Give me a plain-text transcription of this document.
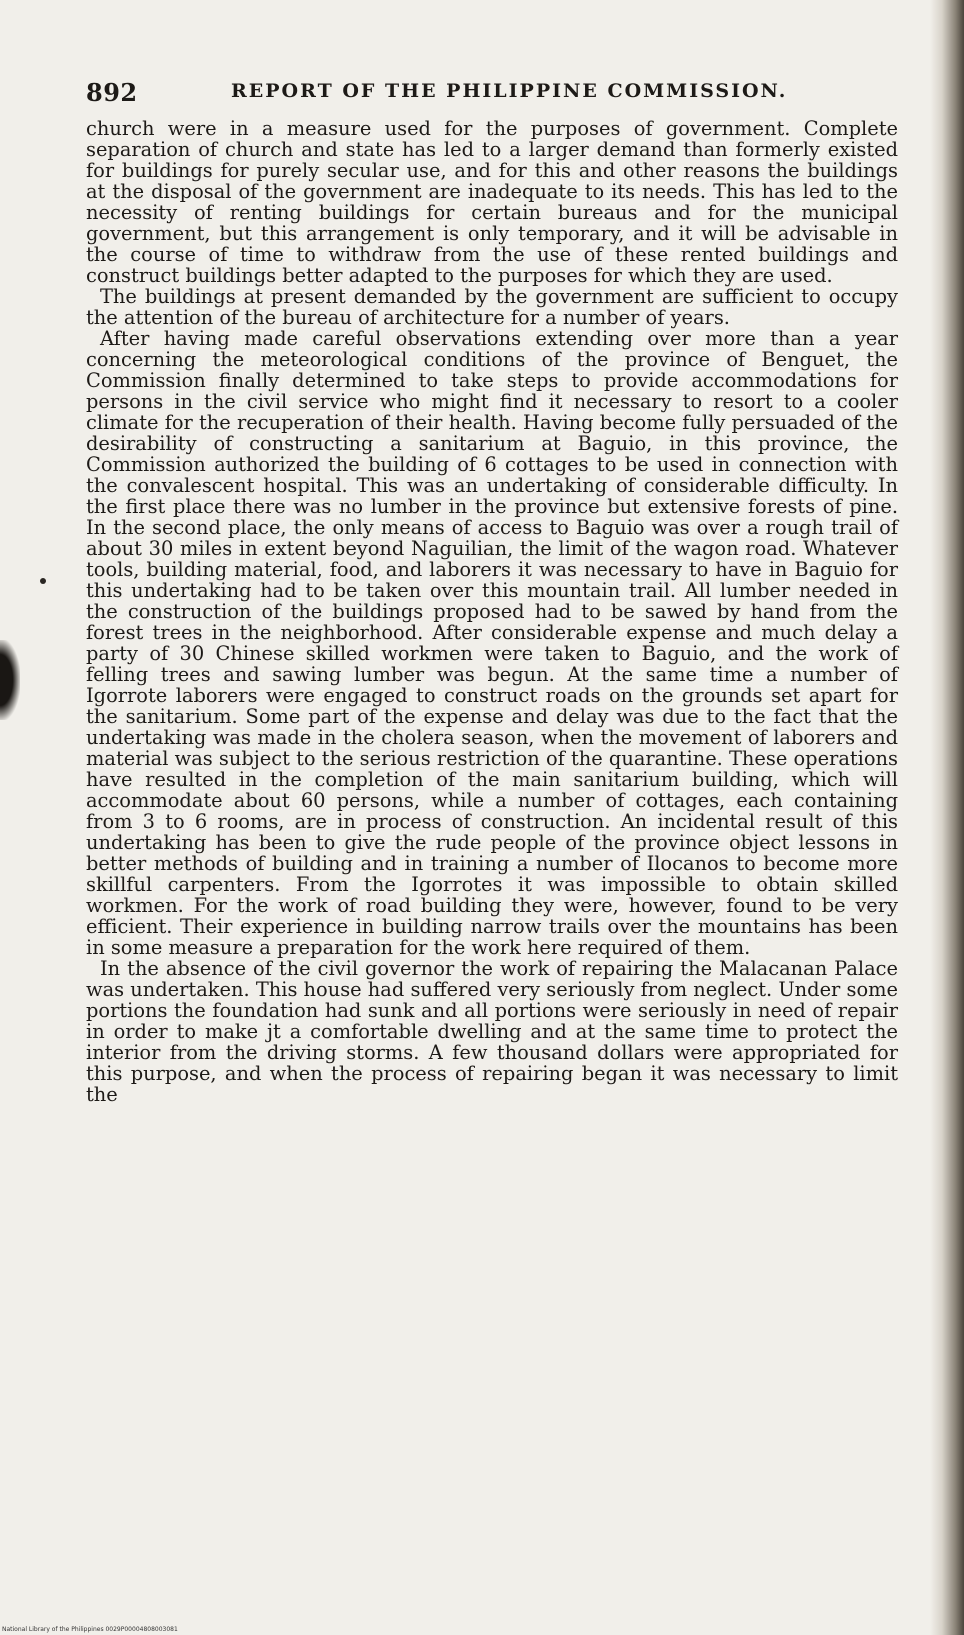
892	REPORT OF THE PHILIPPINE COMMISSION.

church were in a measure used for the purposes of government. Complete separation of church and state has led to a larger demand than formerly existed for buildings for purely secular use, and for this and other reasons the buildings at the disposal of the government are inadequate to its needs. This has led to the necessity of renting buildings for certain bureaus and for the municipal government, but this arrangement is only temporary, and it will be advisable in the course of time to withdraw from the use of these rented buildings and construct buildings better adapted to the purposes for which they are used.

The buildings at present demanded by the government are sufficient to occupy the attention of the bureau of architecture for a number of years.

After having made careful observations extending over more than a year concerning the meteorological conditions of the province of Benguet, the Commission finally determined to take steps to provide accommodations for persons in the civil service who might find it necessary to resort to a cooler climate for the recuperation of their health. Having become fully persuaded of the desirability of constructing a sanitarium at Baguio, in this province, the Commission authorized the building of 6 cottages to be used in connection with the convalescent hospital. This was an undertaking of considerable difficulty. In the first place there was no lumber in the province but extensive forests of pine. In the second place, the only means of access to Baguio was over a rough trail of about 30 miles in extent beyond Naguilian, the limit of the wagon road. Whatever tools, building material, food, and laborers it was necessary to have in Baguio for this undertaking had to be taken over this mountain trail. All lumber needed in the construction of the buildings proposed had to be sawed by hand from the forest trees in the neighborhood. After considerable expense and much delay a party of 30 Chinese skilled workmen were taken to Baguio, and the work of felling trees and sawing lumber was begun. At the same time a number of Igorrote laborers were engaged to construct roads on the grounds set apart for the sanitarium. Some part of the expense and delay was due to the fact that the undertaking was made in the cholera season, when the movement of laborers and material was subject to the serious restriction of the quarantine. These operations have resulted in the completion of the main sanitarium building, which will accommodate about 60 persons, while a number of cottages, each containing from 3 to 6 rooms, are in process of construction. An incidental result of this undertaking has been to give the rude people of the province object lessons in better methods of building and in training a number of Ilocanos to become more skillful carpenters. From the Igorrotes it was impossible to obtain skilled workmen. For the work of road building they were, however, found to be very efficient. Their experience in building narrow trails over the mountains has been in some measure a preparation for the work here required of them.

In the absence of the civil governor the work of repairing the Malacanan Palace was undertaken. This house had suffered very seriously from neglect. Under some portions the foundation had sunk and all portions were seriously in need of repair in order to make jt a comfortable dwelling and at the same time to protect the interior from the driving storms. A few thousand dollars were appropriated for this purpose, and when the process of repairing began it was necessary to limit the

National Library of the Philippines 0029P00004808003081
